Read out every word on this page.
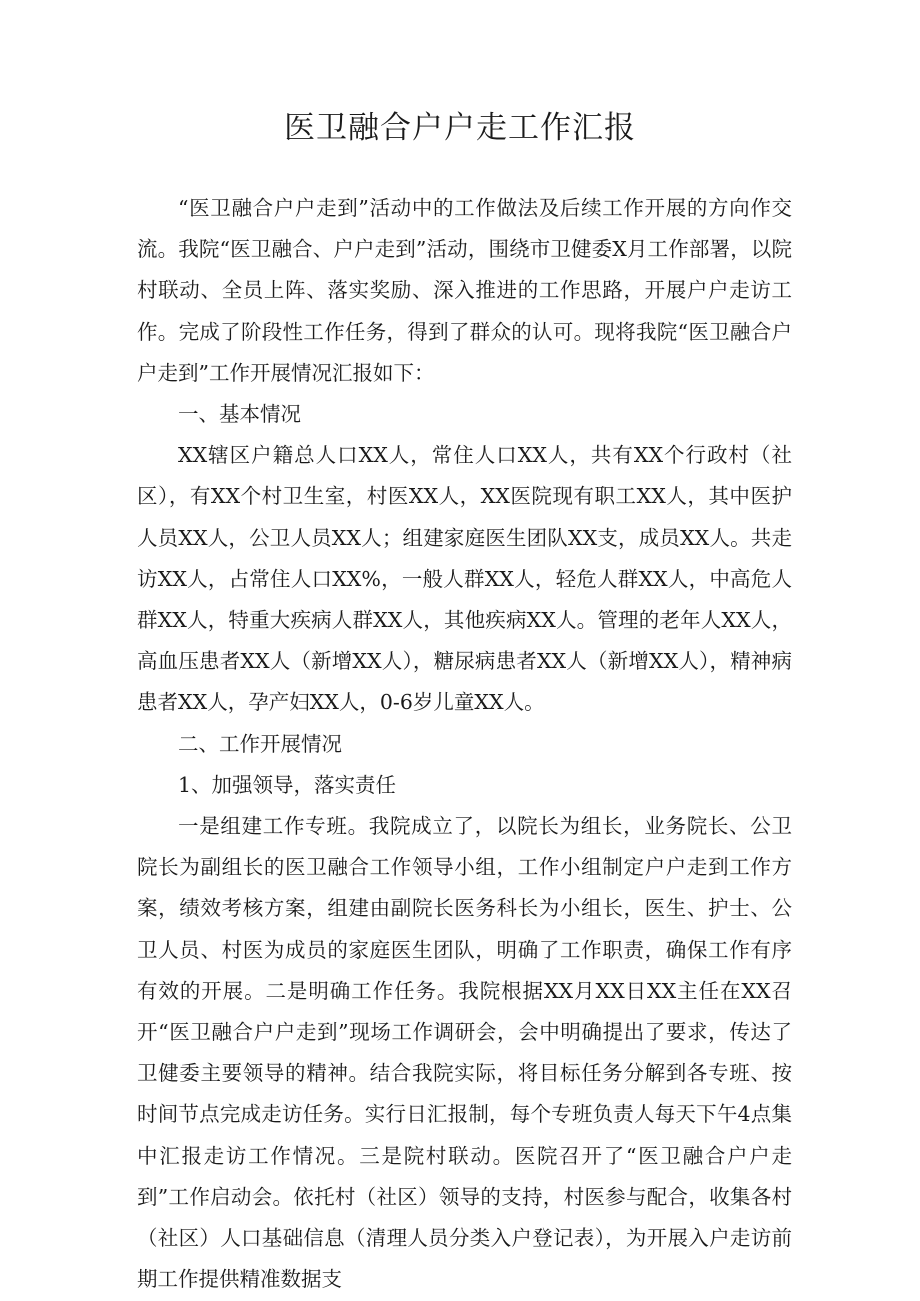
医卫融合户户走工作汇报

“医卫融合户户走到”活动中的工作做法及后续工作开展的方向作交流。我院“医卫融合、户户走到”活动，围绕市卫健委X月工作部署，以院村联动、全员上阵、落实奖励、深入推进的工作思路，开展户户走访工作。完成了阶段性工作任务，得到了群众的认可。现将我院“医卫融合户户走到”工作开展情况汇报如下：

一、基本情况

XX辖区户籍总人口XX人，常住人口XX人，共有XX个行政村（社区），有XX个村卫生室，村医XX人，XX医院现有职工XX人，其中医护人员XX人，公卫人员XX人；组建家庭医生团队XX支，成员XX人。共走访XX人，占常住人口XX%，一般人群XX人，轻危人群XX人，中高危人群XX人，特重大疾病人群XX人，其他疾病XX人。管理的老年人XX人，高血压患者XX人（新增XX人），糖尿病患者XX人（新增XX人），精神病患者XX人，孕产妇XX人，0-6岁儿童XX人。

二、工作开展情况

1、加强领导，落实责任

一是组建工作专班。我院成立了，以院长为组长，业务院长、公卫院长为副组长的医卫融合工作领导小组，工作小组制定户户走到工作方案，绩效考核方案，组建由副院长医务科长为小组长，医生、护士、公卫人员、村医为成员的家庭医生团队，明确了工作职责，确保工作有序有效的开展。二是明确工作任务。我院根据XX月XX日XX主任在XX召开“医卫融合户户走到”现场工作调研会，会中明确提出了要求，传达了卫健委主要领导的精神。结合我院实际，将目标任务分解到各专班、按时间节点完成走访任务。实行日汇报制，每个专班负责人每天下午4点集中汇报走访工作情况。三是院村联动。医院召开了“医卫融合户户走到”工作启动会。依托村（社区）领导的支持，村医参与配合，收集各村（社区）人口基础信息（清理人员分类入户登记表），为开展入户走访前期工作提供精准数据支
